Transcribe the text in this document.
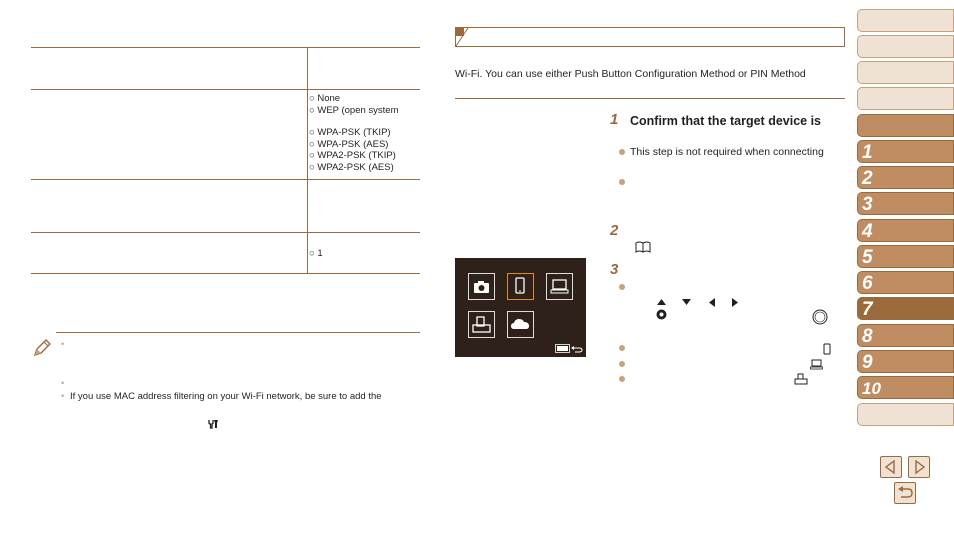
○ None
○ WEP (open system
○ WPA-PSK (TKIP)
○ WPA-PSK (AES)
○ WPA2-PSK (TKIP)
○ WPA2-PSK (AES)
○ 1
•
•
• If you use MAC address filtering on your Wi-Fi network, be sure to add the
Wi-Fi. You can use either Push Button Configuration Method or PIN Method
1 Confirm that the target device is
This step is not required when connecting
2
3
1
2
3
4
5
6
7
8
9
10
